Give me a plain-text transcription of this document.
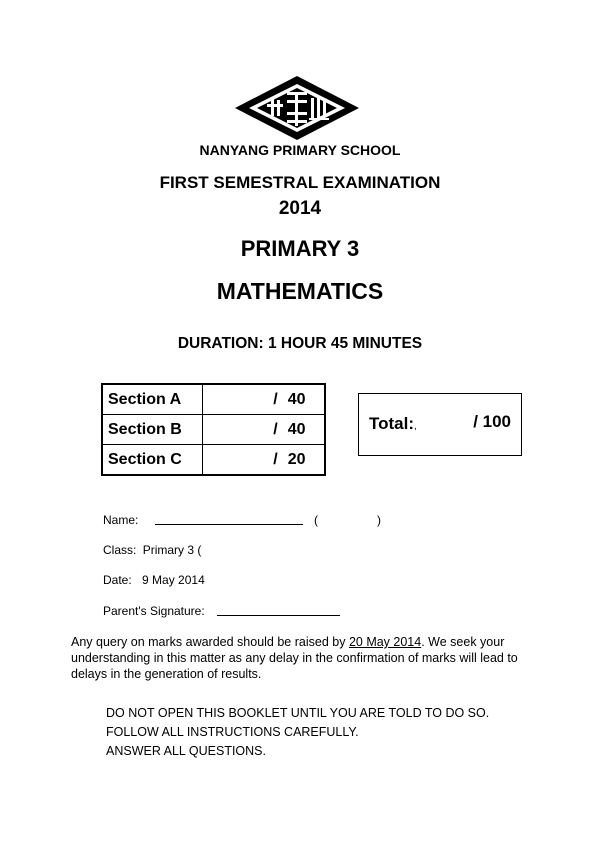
NANYANG PRIMARY SCHOOL
FIRST SEMESTRAL EXAMINATION
2014
PRIMARY 3
MATHEMATICS
DURATION: 1 HOUR 45 MINUTES
Section A	/ 40
Section B	/ 40
Section C	/ 20
Total:,	/ 100
Name:	(	)
Class: Primary 3 (
Date: 9 May 2014
Parent's Signature:
Any query on marks awarded should be raised by 20 May 2014. We seek your understanding in this matter as any delay in the confirmation of marks will lead to delays in the generation of results.
DO NOT OPEN THIS BOOKLET UNTIL YOU ARE TOLD TO DO SO.
FOLLOW ALL INSTRUCTIONS CAREFULLY.
ANSWER ALL QUESTIONS.
